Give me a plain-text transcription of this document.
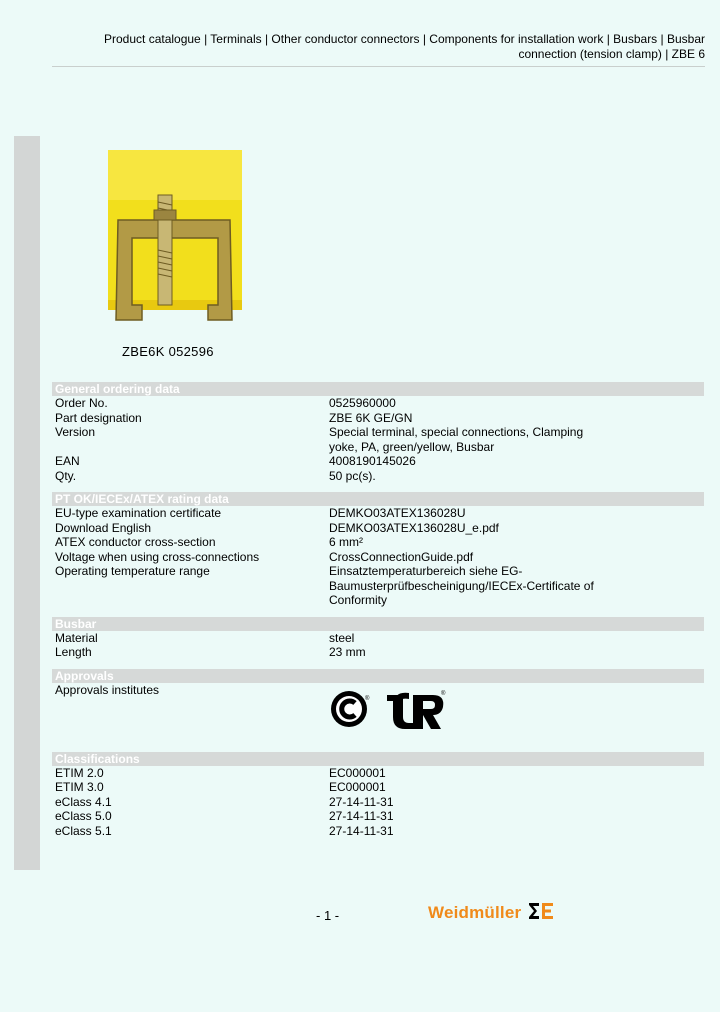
Product catalogue | Terminals | Other conductor connectors | Components for installation work | Busbars | Busbar connection (tension clamp) | ZBE 6
ZBE6K 052596
General ordering data
Order No.	0525960000
Part designation	ZBE 6K GE/GN
Version	Special terminal, special connections, Clamping yoke, PA, green/yellow, Busbar
EAN	4008190145026
Qty.	50 pc(s).
PT OK/IECEx/ATEX rating data
EU-type examination certificate	DEMKO03ATEX136028U
Download English	DEMKO03ATEX136028U_e.pdf
ATEX conductor cross-section	6 mm²
Voltage when using cross-connections	CrossConnectionGuide.pdf
Operating temperature range	Einsatztemperaturbereich siehe EG-Baumusterprüfbescheinigung/IECEx-Certificate of Conformity
Busbar
Material	steel
Length	23 mm
Approvals
Approvals institutes
®
®
Classifications
ETIM 2.0	EC000001
ETIM 3.0	EC000001
eClass 4.1	27-14-11-31
eClass 5.0	27-14-11-31
eClass 5.1	27-14-11-31
- 1 -	Weidmüller
